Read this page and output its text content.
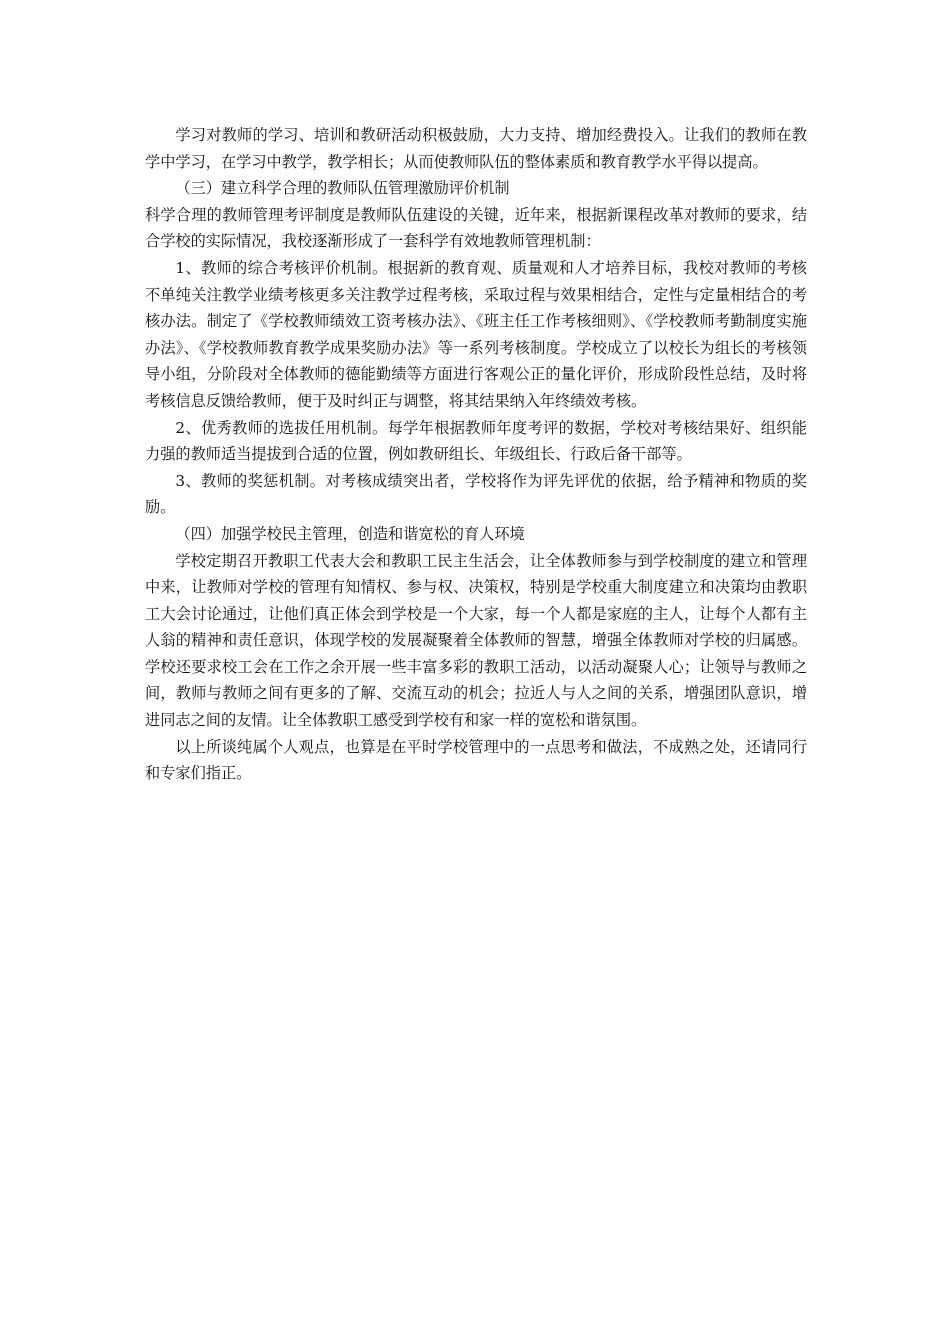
学习对教师的学习、培训和教研活动积极鼓励，大力支持、增加经费投入。让我们的教师在教学中学习，在学习中教学，教学相长；从而使教师队伍的整体素质和教育教学水平得以提高。

（三）建立科学合理的教师队伍管理激励评价机制

科学合理的教师管理考评制度是教师队伍建设的关键，近年来，根据新课程改革对教师的要求，结合学校的实际情况，我校逐渐形成了一套科学有效地教师管理机制：

1、教师的综合考核评价机制。根据新的教育观、质量观和人才培养目标，我校对教师的考核不单纯关注教学业绩考核更多关注教学过程考核，采取过程与效果相结合，定性与定量相结合的考核办法。制定了《学校教师绩效工资考核办法》、《班主任工作考核细则》、《学校教师考勤制度实施办法》、《学校教师教育教学成果奖励办法》等一系列考核制度。学校成立了以校长为组长的考核领导小组，分阶段对全体教师的德能勤绩等方面进行客观公正的量化评价，形成阶段性总结，及时将考核信息反馈给教师，便于及时纠正与调整，将其结果纳入年终绩效考核。

2、优秀教师的选拔任用机制。每学年根据教师年度考评的数据，学校对考核结果好、组织能力强的教师适当提拔到合适的位置，例如教研组长、年级组长、行政后备干部等。

3、教师的奖惩机制。对考核成绩突出者，学校将作为评先评优的依据，给予精神和物质的奖励。

（四）加强学校民主管理，创造和谐宽松的育人环境

学校定期召开教职工代表大会和教职工民主生活会，让全体教师参与到学校制度的建立和管理中来，让教师对学校的管理有知情权、参与权、决策权，特别是学校重大制度建立和决策均由教职工大会讨论通过，让他们真正体会到学校是一个大家，每一个人都是家庭的主人，让每个人都有主人翁的精神和责任意识，体现学校的发展凝聚着全体教师的智慧，增强全体教师对学校的归属感。学校还要求校工会在工作之余开展一些丰富多彩的教职工活动，以活动凝聚人心；让领导与教师之间，教师与教师之间有更多的了解、交流互动的机会；拉近人与人之间的关系，增强团队意识，增进同志之间的友情。让全体教职工感受到学校有和家一样的宽松和谐氛围。

以上所谈纯属个人观点，也算是在平时学校管理中的一点思考和做法，不成熟之处，还请同行和专家们指正。
